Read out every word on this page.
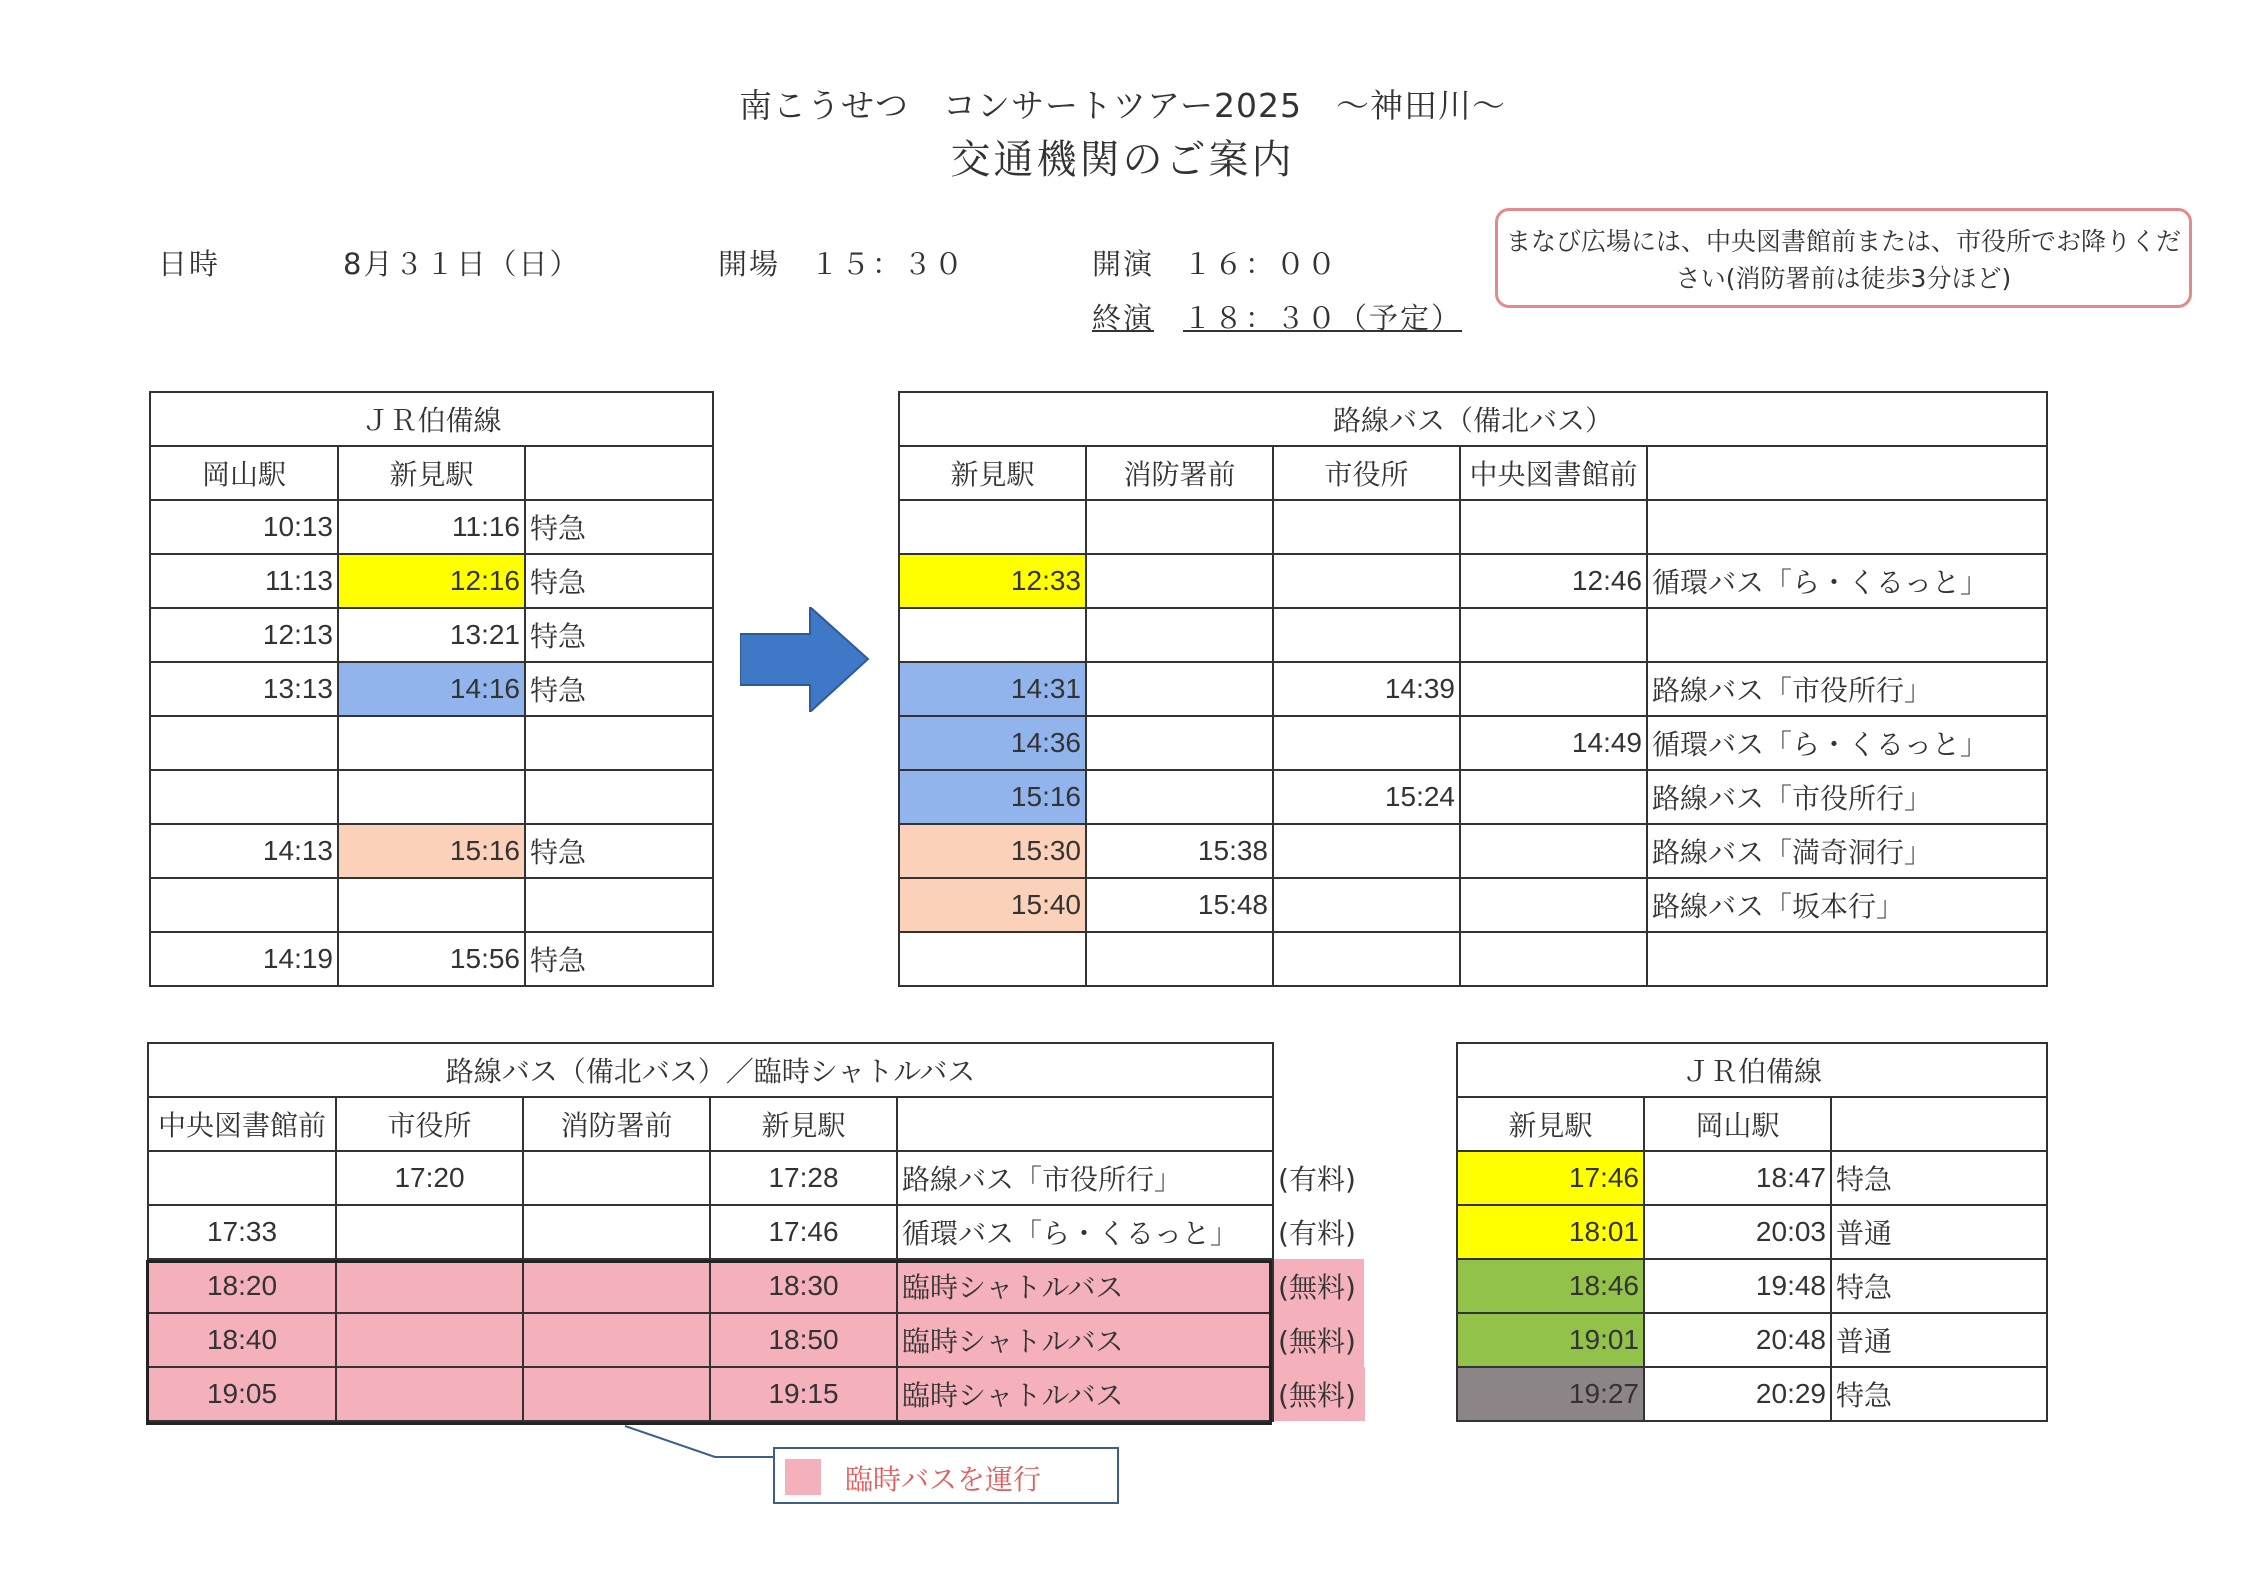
南こうせつ　コンサートツアー2025　～神田川～
交通機関のご案内
日時	8月３１日（日）	開場 １５：３０	開演 １６：００
終演 １８：３０（予定）
まなび広場には、中央図書館前または、市役所でお降りください(消防署前は徒歩3分ほど)
ＪＲ伯備線		
岡山駅	新見駅	
10:13	11:16	特急
11:13	12:16	特急
12:13	13:21	特急
13:13	14:16	特急

14:13	15:16	特急

14:19	15:56	特急
路線バス（備北バス）				
新見駅	消防署前	市役所	中央図書館前	

12:33			12:46	循環バス「ら・くるっと」

14:31		14:39		路線バス「市役所行」
14:36			14:49	循環バス「ら・くるっと」
15:16		15:24		路線バス「市役所行」
15:30	15:38			路線バス「満奇洞行」
15:40	15:48			路線バス「坂本行」

路線バス（備北バス）／臨時シャトルバス					
中央図書館前	市役所	消防署前	新見駅		
	17:20		17:28	路線バス「市役所行」	(有料)
17:33			17:46	循環バス「ら・くるっと」	(有料)
18:20			18:30	臨時シャトルバス	(無料)
18:40			18:50	臨時シャトルバス	(無料)
19:05			19:15	臨時シャトルバス	(無料)
ＪＲ伯備線		
新見駅	岡山駅	
17:46	18:47	特急
18:01	20:03	普通
18:46	19:48	特急
19:01	20:48	普通
19:27	20:29	特急
臨時バスを運行
